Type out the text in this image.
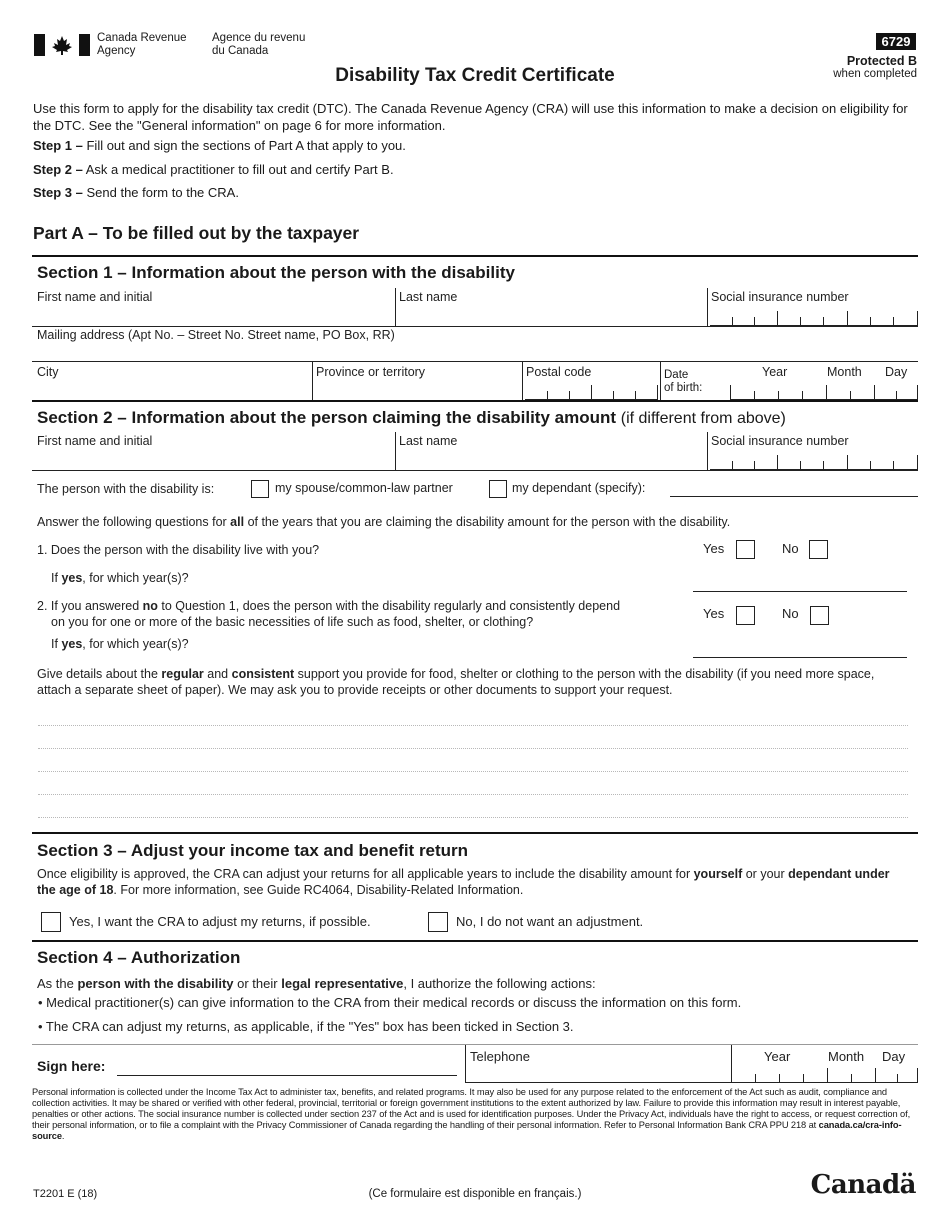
Canada Revenue
Agency
Agence du revenu
du Canada
6729
Protected B
when completed
Disability Tax Credit Certificate
Use this form to apply for the disability tax credit (DTC). The Canada Revenue Agency (CRA) will use this information to make a decision on eligibility for the DTC. See the "General information" on page 6 for more information.
Step 1 – Fill out and sign the sections of Part A that apply to you.
Step 2 – Ask a medical practitioner to fill out and certify Part B.
Step 3 – Send the form to the CRA.
Part A – To be filled out by the taxpayer
Section 1 – Information about the person with the disability
First name and initial	Last name	Social insurance number
Mailing address (Apt No. – Street No. Street name, PO Box, RR)
City	Province or territory	Postal code	Date
of birth:
Year	Month Day
Section 2 – Information about the person claiming the disability amount (if different from above)
First name and initial	Last name	Social insurance number
The person with the disability is:	my spouse/common-law partner	my dependant (specify):
Answer the following questions for all of the years that you are claiming the disability amount for the person with the disability.
1. Does the person with the disability live with you?	Yes	No
If yes, for which year(s)?
2. If you answered no to Question 1, does the person with the disability regularly and consistently depend
on you for one or more of the basic necessities of life such as food, shelter, or clothing?
Yes	No
If yes, for which year(s)?
Give details about the regular and consistent support you provide for food, shelter or clothing to the person with the disability (if you need more space, attach a separate sheet of paper). We may ask you to provide receipts or other documents to support your request.
Section 3 – Adjust your income tax and benefit return
Once eligibility is approved, the CRA can adjust your returns for all applicable years to include the disability amount for yourself or your dependant under the age of 18. For more information, see Guide RC4064, Disability-Related Information.
Yes, I want the CRA to adjust my returns, if possible.	No, I do not want an adjustment.
Section 4 – Authorization
As the person with the disability or their legal representative, I authorize the following actions:
• Medical practitioner(s) can give information to the CRA from their medical records or discuss the information on this form.
• The CRA can adjust my returns, as applicable, if the "Yes" box has been ticked in Section 3.
Sign here:
Telephone	Year	Month Day
Personal information is collected under the Income Tax Act to administer tax, benefits, and related programs. It may also be used for any purpose related to the enforcement of the Act such as audit, compliance and collection activities. It may be shared or verified with other federal, provincial, territorial or foreign government institutions to the extent authorized by law. Failure to provide this information may result in interest payable, penalties or other actions. The social insurance number is collected under section 237 of the Act and is used for identification purposes. Under the Privacy Act, individuals have the right to access, or request correction of, their personal information, or to file a complaint with the Privacy Commissioner of Canada regarding the handling of their personal information. Refer to Personal Information Bank CRA PPU 218 at canada.ca/cra-info-source.
T2201 E (18)	(Ce formulaire est disponible en français.)	Canadä
